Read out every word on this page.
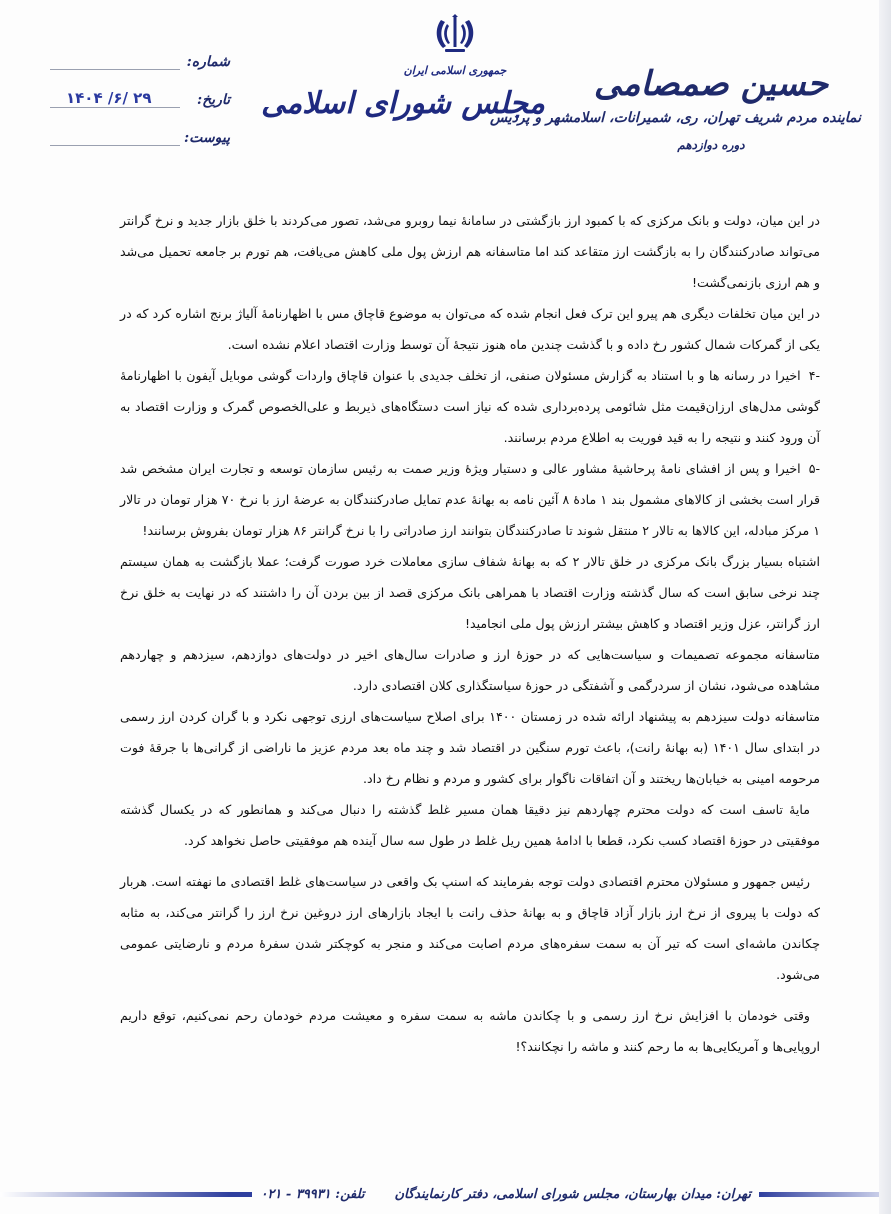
حسین صمصامی
نماینده مردم شریف تهران، ری، شمیرانات، اسلامشهر و پردیس
دوره دوازدهم
جمهوری اسلامی ایران
مجلس شورای اسلامی
شماره:
تاریخ:
۱۴۰۴ /۶/ ۲۹
پیوست:

در این میان، دولت و بانک مرکزی که با کمبود ارز بازگشتی در سامانهٔ نیما روبرو می‌شد، تصور می‌کردند با خلق بازار جدید و نرخ گرانتر می‌تواند صادرکنندگان را به بازگشت ارز متقاعد کند اما متاسفانه هم ارزش پول ملی کاهش می‌یافت، هم تورم بر جامعه تحمیل می‌شد و هم ارزی بازنمی‌گشت!

در این میان تخلفات دیگری هم پیرو این ترک فعل انجام شده که می‌توان به موضوع قاچاق مس با اظهارنامهٔ آلیاژ برنج اشاره کرد که در یکی از گمرکات شمال کشور رخ داده و با گذشت چندین ماه هنوز نتیجهٔ آن توسط وزارت اقتصاد اعلام نشده است.

-۴اخیرا در رسانه ها و با استناد به گزارش مسئولان صنفی، از تخلف جدیدی با عنوان قاچاق واردات گوشی موبایل آیفون با اظهارنامهٔ گوشی مدل‌های ارزان‌قیمت مثل شائومی پرده‌برداری شده که نیاز است دستگاه‌های ذیربط و علی‌الخصوص گمرک و وزارت اقتصاد به آن ورود کنند و نتیجه را به قید فوریت به اطلاع مردم برسانند.

-۵اخیرا و پس از افشای نامهٔ پرحاشیهٔ مشاور عالی و دستیار ویژهٔ وزیر صمت به رئیس سازمان توسعه و تجارت ایران مشخص شد قرار است بخشی از کالاهای مشمول بند ۱ مادهٔ ۸ آئین نامه به بهانهٔ عدم تمایل صادرکنندگان به عرضهٔ ارز با نرخ ۷۰ هزار تومان در تالار ۱ مرکز مبادله، این کالاها به تالار ۲ منتقل شوند تا صادرکنندگان بتوانند ارز صادراتی را با نرخ گرانتر ۸۶ هزار تومان بفروش برسانند!

اشتباه بسیار بزرگ بانک مرکزی در خلق تالار ۲ که به بهانهٔ شفاف سازی معاملات خرد صورت گرفت؛ عملا بازگشت به همان سیستم چند نرخی سابق است که سال گذشته وزارت اقتصاد با همراهی بانک مرکزی قصد از بین بردن آن را داشتند که در نهایت به خلق نرخ ارز گرانتر، عزل وزیر اقتصاد و کاهش بیشتر ارزش پول ملی انجامید!

متاسفانه مجموعه تصمیمات و سیاست‌هایی که در حوزهٔ ارز و صادرات سال‌های اخیر در دولت‌های دوازدهم، سیزدهم و چهاردهم مشاهده می‌شود، نشان از سردرگمی و آشفتگی در حوزهٔ سیاستگذاری کلان اقتصادی دارد.

متاسفانه دولت سیزدهم به پیشنهاد ارائه شده در زمستان ۱۴۰۰ برای اصلاح سیاست‌های ارزی توجهی نکرد و با گران کردن ارز رسمی در ابتدای سال ۱۴۰۱ (به بهانهٔ رانت)، باعث تورم سنگین در اقتصاد شد و چند ماه بعد مردم عزیز ما ناراضی از گرانی‌ها با جرقهٔ فوت مرحومه امینی به خیابان‌ها ریختند و آن اتفاقات ناگوار برای کشور و مردم و نظام رخ داد.

مایهٔ تاسف است که دولت محترم چهاردهم نیز دقیقا همان مسیر غلط گذشته را دنبال می‌کند و همانطور که در یکسال گذشته موفقیتی در حوزهٔ اقتصاد کسب نکرد، قطعا با ادامهٔ همین ریل غلط در طول سه سال آینده هم موفقیتی حاصل نخواهد کرد.

رئیس جمهور و مسئولان محترم اقتصادی دولت توجه بفرمایند که اسنپ بک واقعی در سیاست‌های غلط اقتصادی ما نهفته است. هربار که دولت با پیروی از نرخ ارز بازار آزاد قاچاق و به بهانهٔ حذف رانت با ایجاد بازارهای ارز دروغین نرخ ارز را گرانتر می‌کند، به مثابه چکاندن ماشه‌ای است که تیر آن به سمت سفره‌های مردم اصابت می‌کند و منجر به کوچکتر شدن سفرهٔ مردم و نارضایتی عمومی می‌شود.

وقتی خودمان با افزایش نرخ ارز رسمی و با چکاندن ماشه به سمت سفره و معیشت مردم خودمان رحم نمی‌کنیم، توقع داریم اروپایی‌ها و آمریکایی‌ها به ما رحم کنند و ماشه را نچکانند؟!

تهران: میدان بهارستان، مجلس شورای اسلامی، دفتر کارنمایندگان
تلفن: ۳۹۹۳۱ - ۰۲۱
